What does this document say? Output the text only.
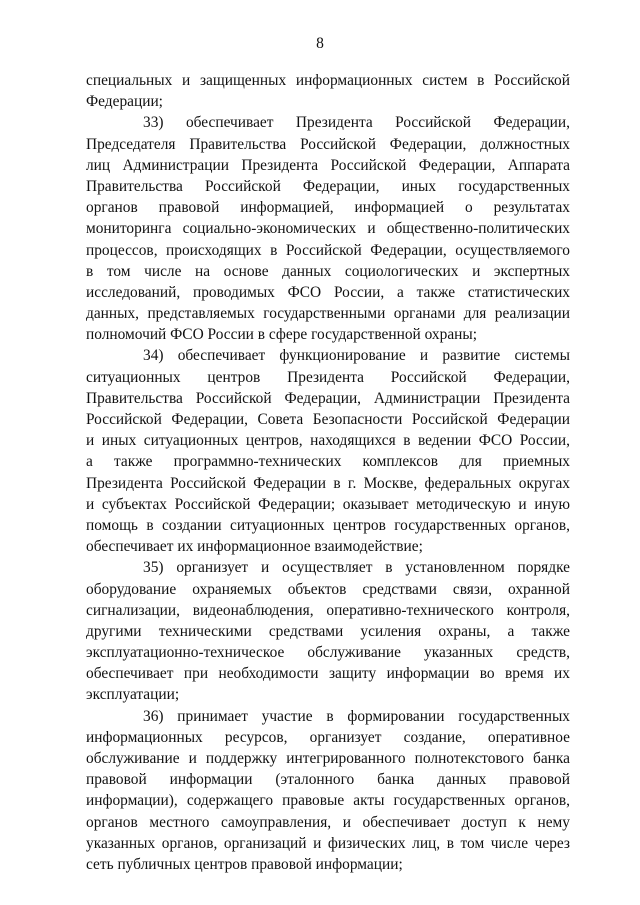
8
специальных и защищенных информационных систем в Российской
Федерации;
33) обеспечивает Президента Российской Федерации,
Председателя Правительства Российской Федерации, должностных
лиц Администрации Президента Российской Федерации, Аппарата
Правительства Российской Федерации, иных государственных
органов правовой информацией, информацией о результатах
мониторинга социально-экономических и общественно-политических
процессов, происходящих в Российской Федерации, осуществляемого
в том числе на основе данных социологических и экспертных
исследований, проводимых ФСО России, а также статистических
данных, представляемых государственными органами для реализации
полномочий ФСО России в сфере государственной охраны;
34) обеспечивает функционирование и развитие системы
ситуационных центров Президента Российской Федерации,
Правительства Российской Федерации, Администрации Президента
Российской Федерации, Совета Безопасности Российской Федерации
и иных ситуационных центров, находящихся в ведении ФСО России,
а также программно-технических комплексов для приемных
Президента Российской Федерации в г. Москве, федеральных округах
и субъектах Российской Федерации; оказывает методическую и иную
помощь в создании ситуационных центров государственных органов,
обеспечивает их информационное взаимодействие;
35) организует и осуществляет в установленном порядке
оборудование охраняемых объектов средствами связи, охранной
сигнализации, видеонаблюдения, оперативно-технического контроля,
другими техническими средствами усиления охраны, а также
эксплуатационно-техническое обслуживание указанных средств,
обеспечивает при необходимости защиту информации во время их
эксплуатации;
36) принимает участие в формировании государственных
информационных ресурсов, организует создание, оперативное
обслуживание и поддержку интегрированного полнотекстового банка
правовой информации (эталонного банка данных правовой
информации), содержащего правовые акты государственных органов,
органов местного самоуправления, и обеспечивает доступ к нему
указанных органов, организаций и физических лиц, в том числе через
сеть публичных центров правовой информации;
